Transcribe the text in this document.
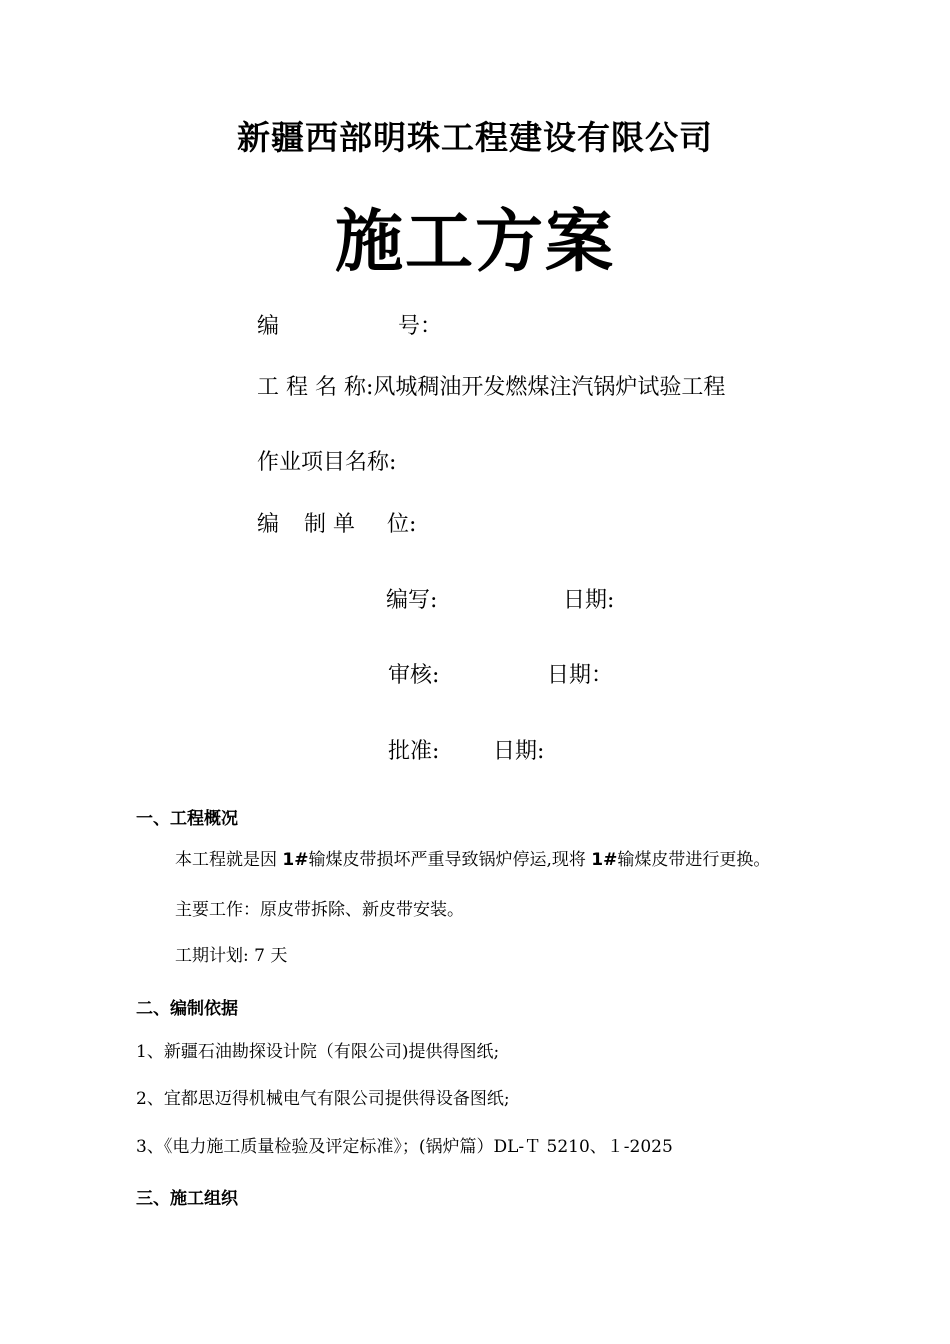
新疆西部明珠工程建设有限公司
施工方案
编	号：
工 程 名 称:风城稠油开发燃煤注汽锅炉试验工程
作业项目名称:
编 制 单 位:
编写:	日期:
审核:	日期：
批准: 日期:
一、工程概况
本工程就是因 1#输煤皮带损坏严重导致锅炉停运,现将 1#输煤皮带进行更换。
主要工作：原皮带拆除、新皮带安装。
工期计划: 7 天
二、编制依据
1、新疆石油勘探设计院（有限公司)提供得图纸;
2、宜都思迈得机械电气有限公司提供得设备图纸;
3、《电力施工质量检验及评定标准》；(锅炉篇）DL-Ｔ 5210、１-2025
三、施工组织
